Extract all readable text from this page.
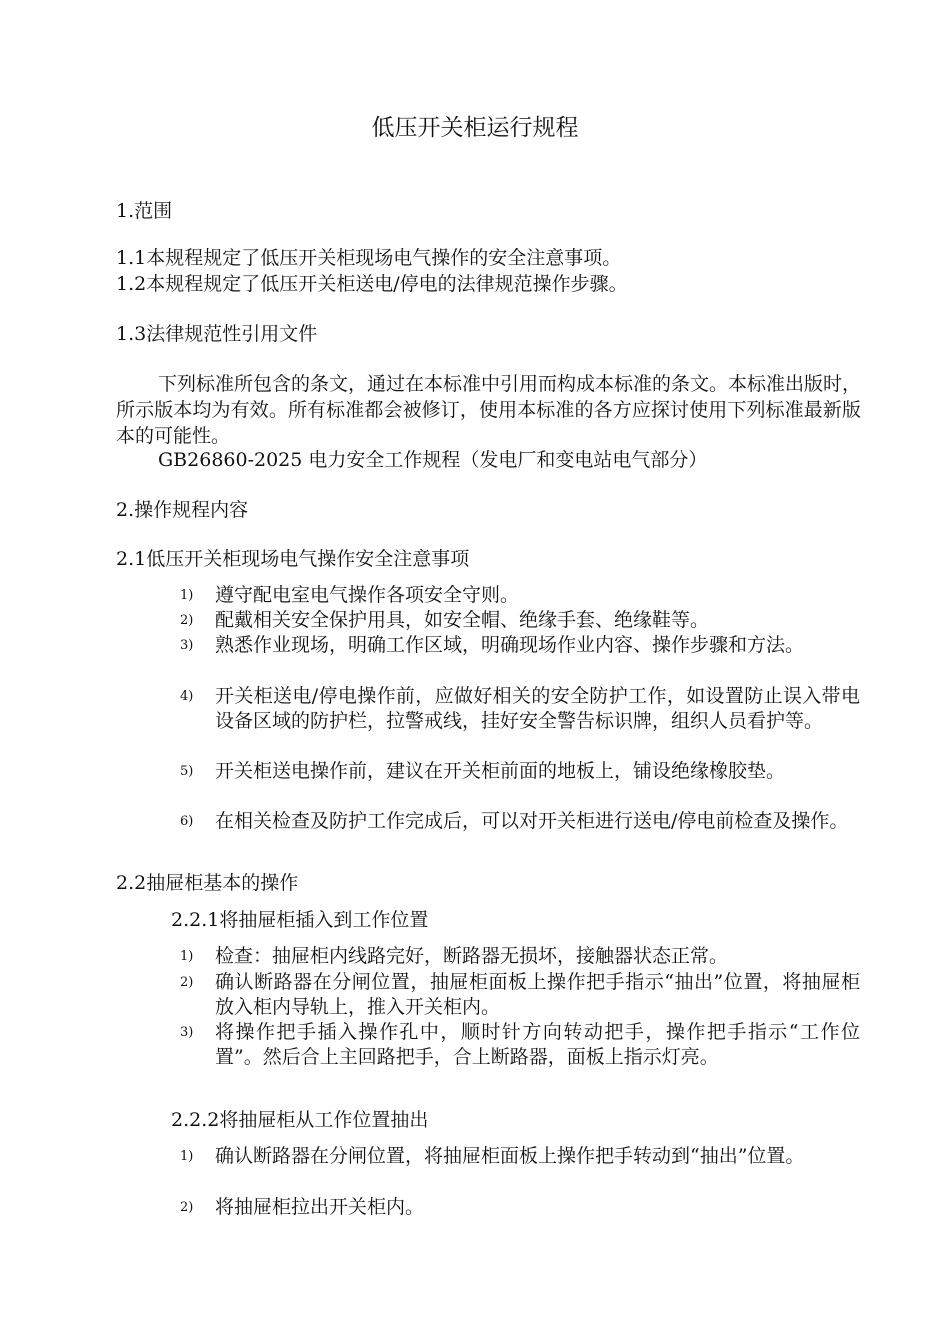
低压开关柜运行规程
1.范围
1.1本规程规定了低压开关柜现场电气操作的安全注意事项。
1.2本规程规定了低压开关柜送电/停电的法律规范操作步骤。
1.3法律规范性引用文件
下列标准所包含的条文，通过在本标准中引用而构成本标准的条文。本标准出版时，所示版本均为有效。所有标准都会被修订，使用本标准的各方应探讨使用下列标准最新版本的可能性。
GB26860-2025 电力安全工作规程（发电厂和变电站电气部分）
2.操作规程内容
2.1低压开关柜现场电气操作安全注意事项
1) 遵守配电室电气操作各项安全守则。
2) 配戴相关安全保护用具，如安全帽、绝缘手套、绝缘鞋等。
3) 熟悉作业现场，明确工作区域，明确现场作业内容、操作步骤和方法。
4) 开关柜送电/停电操作前，应做好相关的安全防护工作，如设置防止误入带电设备区域的防护栏，拉警戒线，挂好安全警告标识牌，组织人员看护等。
5) 开关柜送电操作前，建议在开关柜前面的地板上，铺设绝缘橡胶垫。
6) 在相关检查及防护工作完成后，可以对开关柜进行送电/停电前检查及操作。
2.2抽屉柜基本的操作
2.2.1将抽屉柜插入到工作位置
1) 检查：抽屉柜内线路完好，断路器无损坏，接触器状态正常。
2) 确认断路器在分闸位置，抽屉柜面板上操作把手指示“抽出”位置，将抽屉柜放入柜内导轨上，推入开关柜内。
3) 将操作把手插入操作孔中，顺时针方向转动把手，操作把手指示“工作位置”。然后合上主回路把手，合上断路器，面板上指示灯亮。
2.2.2将抽屉柜从工作位置抽出
1) 确认断路器在分闸位置，将抽屉柜面板上操作把手转动到“抽出”位置。
2) 将抽屉柜拉出开关柜内。
